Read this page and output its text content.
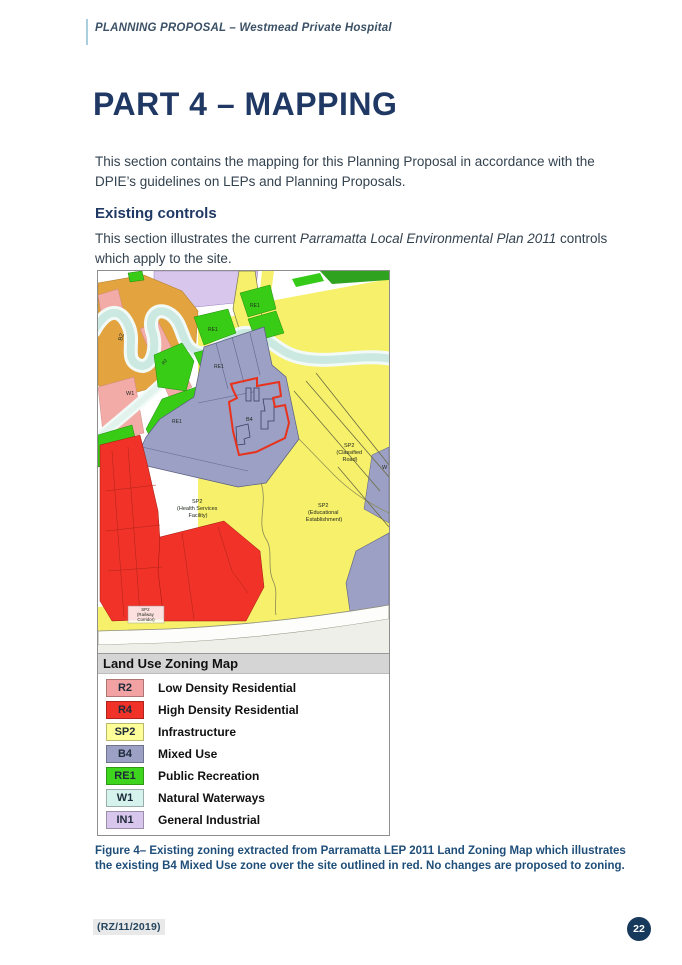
PLANNING PROPOSAL – Westmead Private Hospital
PART 4 – MAPPING

This section contains the mapping for this Planning Proposal in accordance with the DPIE’s guidelines on LEPs and Planning Proposals.

Existing controls

This section illustrates the current Parramatta Local Environmental Plan 2011 controls which apply to the site.

B2
R2
W1
RE1
RE1
RE1
RE1	B4
W
SP2 (Health Services Facility)
SP2 (Educational Establishment)
SP2 (Classified Road)
SP2 (Railway Corridor)
Land Use Zoning Map
R2 Low Density Residential
R4 High Density Residential
SP2 Infrastructure
B4 Mixed Use
RE1 Public Recreation
W1 Natural Waterways
IN1 General Industrial

Figure 4– Existing zoning extracted from Parramatta LEP 2011 Land Zoning Map which illustrates the existing B4 Mixed Use zone over the site outlined in red. No changes are proposed to zoning.

(RZ/11/2019)	22
